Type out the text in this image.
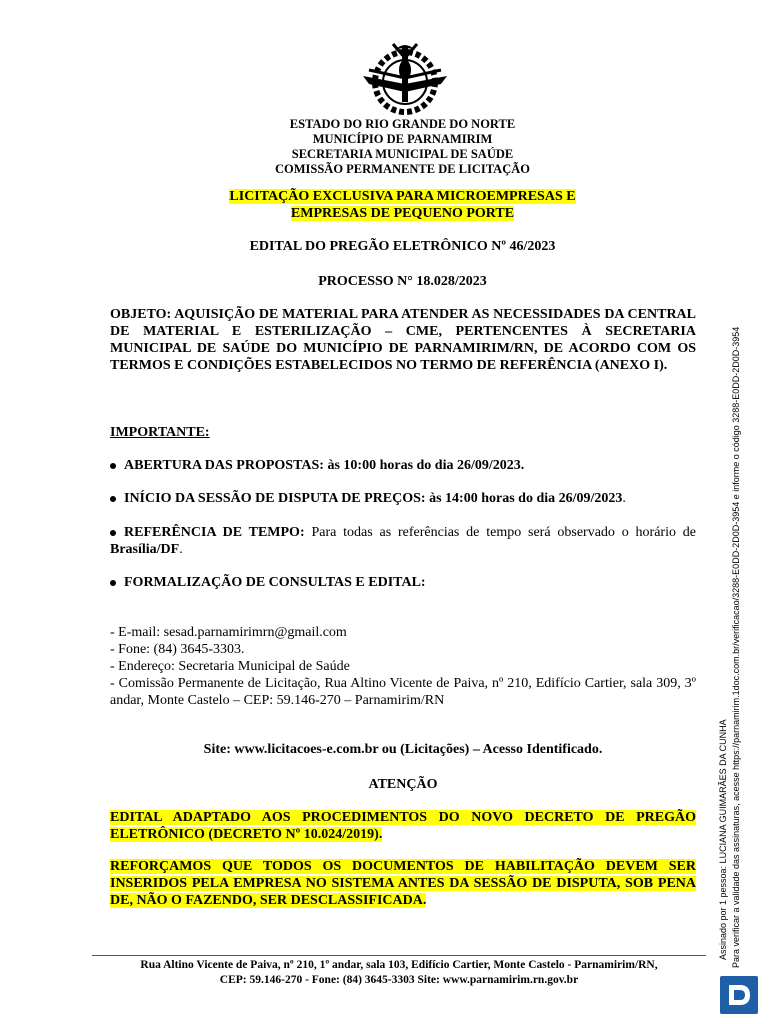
ESTADO DO RIO GRANDE DO NORTE
MUNICÍPIO DE PARNAMIRIM
SECRETARIA MUNICIPAL DE SAÚDE
COMISSÃO PERMANENTE DE LICITAÇÃO
LICITAÇÃO EXCLUSIVA PARA MICROEMPRESAS E
EMPRESAS DE PEQUENO PORTE
EDITAL DO PREGÃO ELETRÔNICO Nº 46/2023
PROCESSO N° 18.028/2023
OBJETO: AQUISIÇÃO DE MATERIAL PARA ATENDER AS NECESSIDADES DA CENTRAL DE MATERIAL E ESTERILIZAÇÃO – CME, PERTENCENTES À SECRETARIA MUNICIPAL DE SAÚDE DO MUNICÍPIO DE PARNAMIRIM/RN, DE ACORDO COM OS TERMOS E CONDIÇÕES ESTABELECIDOS NO TERMO DE REFERÊNCIA (ANEXO I).
IMPORTANTE:
ABERTURA DAS PROPOSTAS: às 10:00 horas do dia 26/09/2023.
INÍCIO DA SESSÃO DE DISPUTA DE PREÇOS: às 14:00 horas do dia 26/09/2023.
REFERÊNCIA DE TEMPO: Para todas as referências de tempo será observado o horário de Brasília/DF.
FORMALIZAÇÃO DE CONSULTAS E EDITAL:
- E-mail: sesad.parnamirimrn@gmail.com
- Fone: (84) 3645-3303.
- Endereço: Secretaria Municipal de Saúde
- Comissão Permanente de Licitação, Rua Altino Vicente de Paiva, nº 210, Edifício Cartier, sala 309, 3º andar, Monte Castelo – CEP: 59.146-270 – Parnamirim/RN
Site: www.licitacoes-e.com.br ou (Licitações) – Acesso Identificado.
ATENÇÃO
EDITAL ADAPTADO AOS PROCEDIMENTOS DO NOVO DECRETO DE PREGÃO ELETRÔNICO (DECRETO Nº 10.024/2019).
REFORÇAMOS QUE TODOS OS DOCUMENTOS DE HABILITAÇÃO DEVEM SER INSERIDOS PELA EMPRESA NO SISTEMA ANTES DA SESSÃO DE DISPUTA, SOB PENA DE, NÃO O FAZENDO, SER DESCLASSIFICADA.
Rua Altino Vicente de Paiva, nº 210, 1º andar, sala 103, Edifício Cartier, Monte Castelo - Parnamirim/RN,
CEP: 59.146-270 - Fone: (84) 3645-3303 Site: www.parnamirim.rn.gov.br
Assinado por 1 pessoa: LUCIANA GUIMARÃES DA CUNHA Para verificar a validade das assinaturas, acesse https://parnamirim.1doc.com.br/verificacao/3288-E0DD-2D0D-3954 e informe o código 3288-E0DD-2D0D-3954
